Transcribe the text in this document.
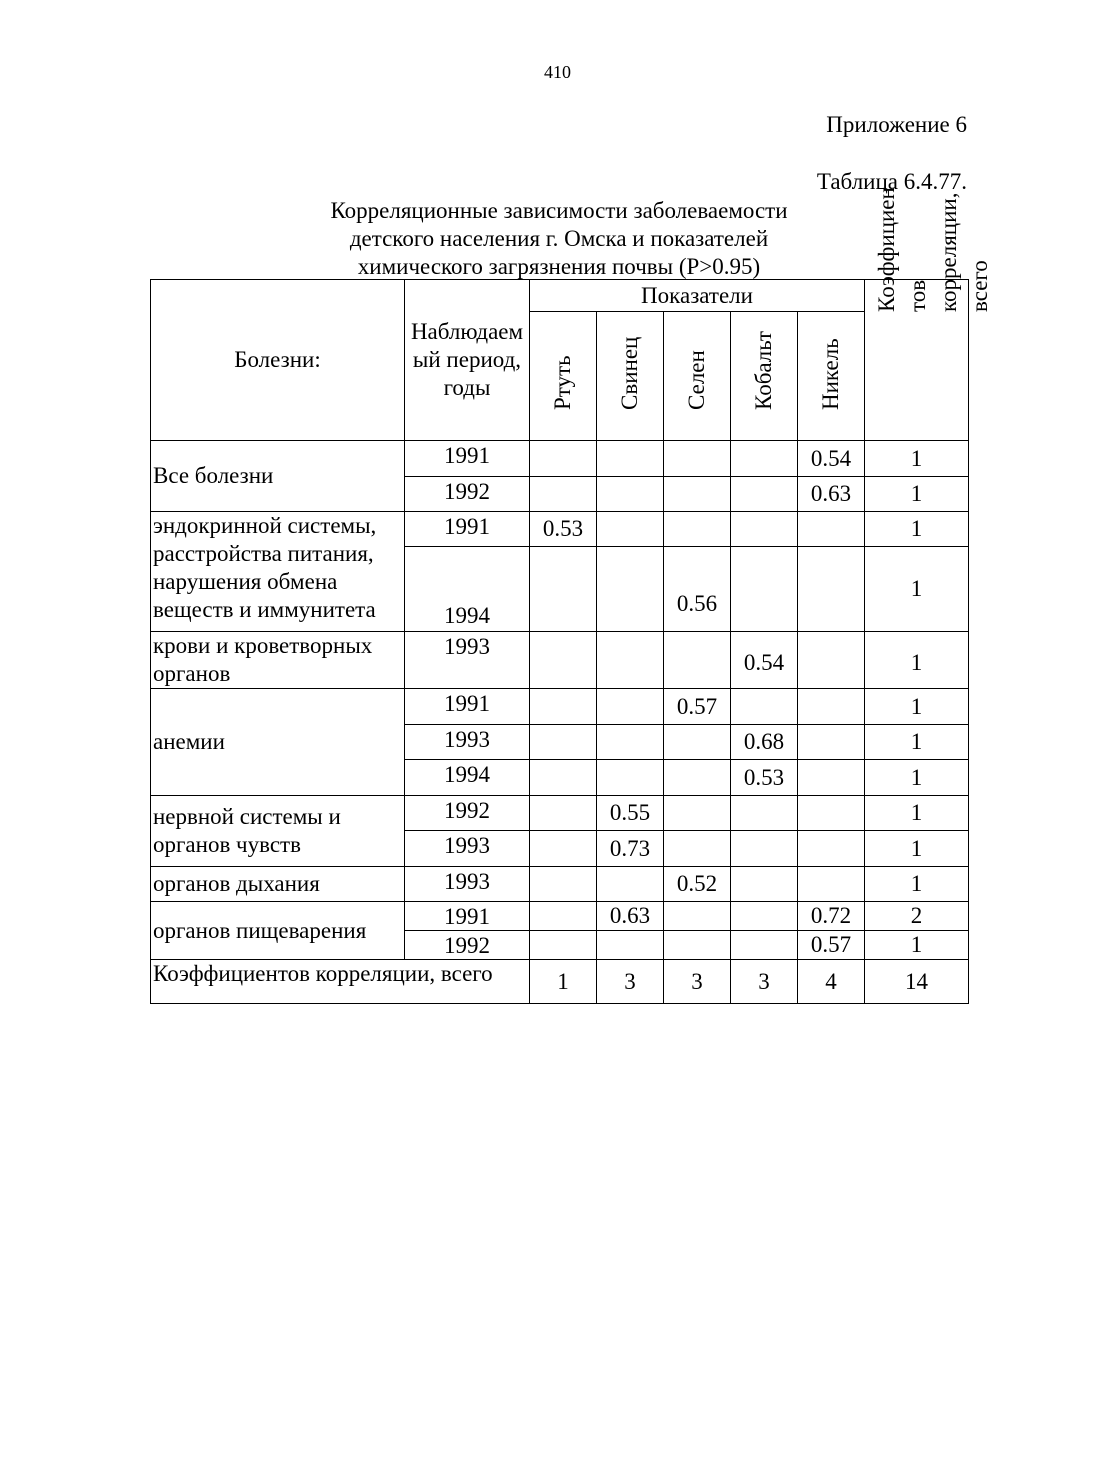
410
Приложение 6
Таблица 6.4.77.
Корреляционные зависимости заболеваемости
детского населения г. Омска и показателей
химического загрязнения почвы (Р>0.95)
Болезни:	Наблюдаем ый период, годы	Показатели					Коэффициен тов корреляции, всего

		Ртуть	Свинец	Селен	Кобальт	Никель	

Все болезни	1991					0.54	1
	1992					0.63	1
эндокринной системы, расстройства питания, нарушения обмена веществ и иммунитета	1991	0.53					1
	1994			0.56			1
крови и кроветворных органов	1993				0.54		1
анемии	1991			0.57			1
	1993				0.68		1
	1994				0.53		1
нервной системы и органов чувств	1992		0.55				1
	1993		0.73				1
органов дыхания	1993			0.52			1
органов пищеварения	1991		0.63			0.72	2
	1992					0.57	1
Коэффициентов корреляции, всего		1	3	3	3	4	14
